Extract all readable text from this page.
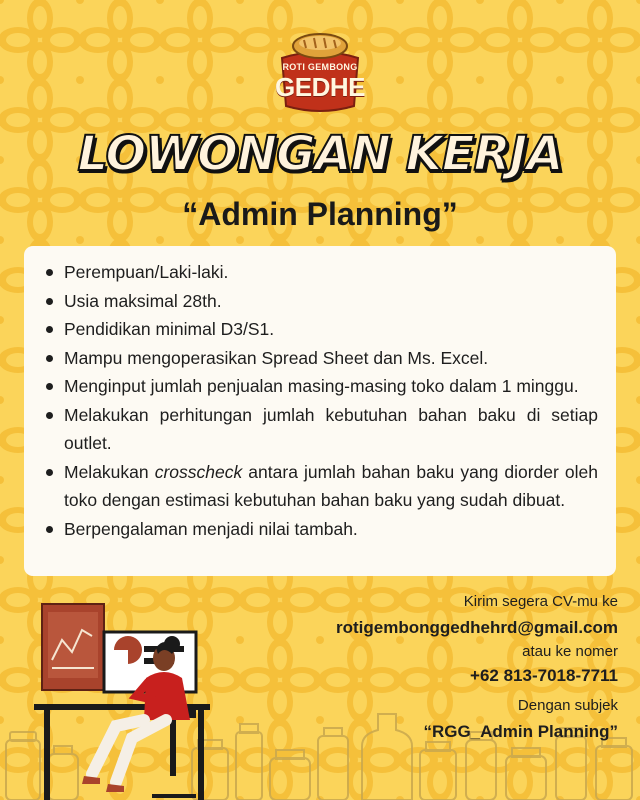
ROTI GEMBONG
GEDHE
LOWONGAN KERJA
“Admin Planning”
Perempuan/Laki-laki.
Usia maksimal 28th.
Pendidikan minimal D3/S1.
Mampu mengoperasikan Spread Sheet dan Ms. Excel.
Menginput jumlah penjualan masing-masing toko dalam 1 minggu.
Melakukan perhitungan jumlah kebutuhan bahan baku di setiap outlet.
Melakukan crosscheck antara jumlah bahan baku yang diorder oleh toko dengan estimasi kebutuhan bahan baku yang sudah dibuat.
Berpengalaman menjadi nilai tambah.
Kirim segera CV-mu ke
rotigembonggedhehrd@gmail.com
atau ke nomer
+62 813-7018-7711
Dengan subjek
“RGG_Admin Planning”
